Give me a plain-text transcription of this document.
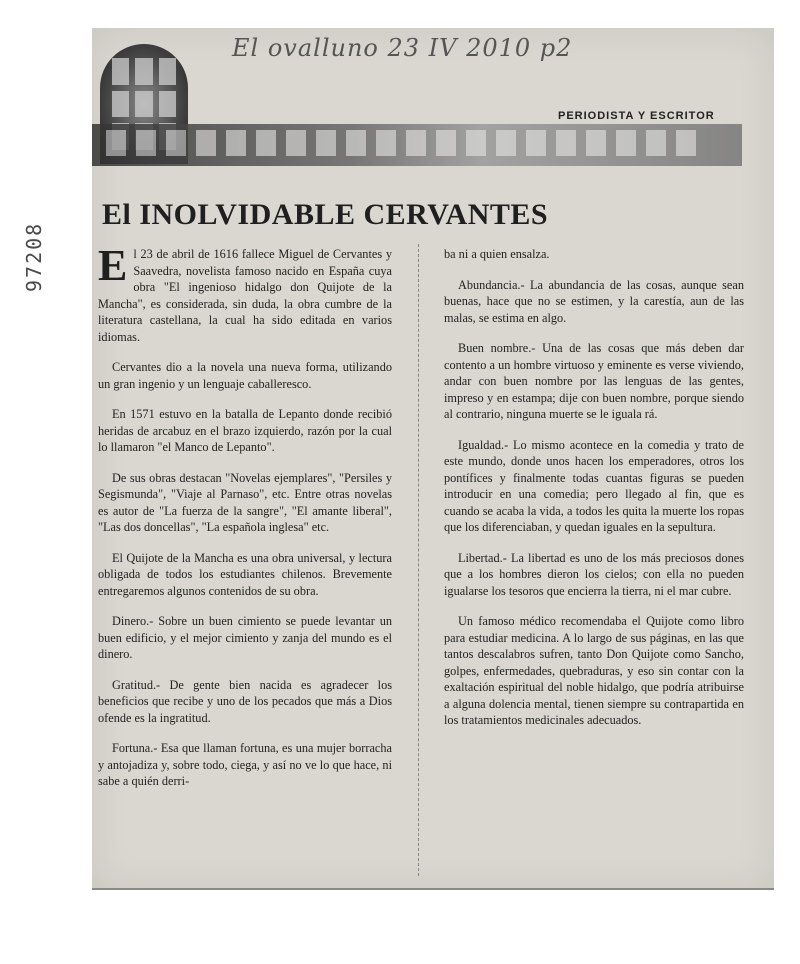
97208
El ovalluno 23 IV 2010 p2
PERIODISTA Y ESCRITOR
El INOLVIDABLE CERVANTES

El 23 de abril de 1616 fallece Miguel de Cervantes y Saavedra, novelista famoso nacido en España cuya obra "El ingenioso hidalgo don Quijote de la Mancha", es considerada, sin duda, la obra cumbre de la literatura castellana, la cual ha sido editada en varios idiomas.

Cervantes dio a la novela una nueva forma, utilizando un gran ingenio y un lenguaje caballeresco.

En 1571 estuvo en la batalla de Lepanto donde recibió heridas de arcabuz en el brazo izquierdo, razón por la cual lo llamaron "el Manco de Lepanto".

De sus obras destacan "Novelas ejemplares", "Persiles y Segismunda", "Viaje al Parnaso", etc. Entre otras novelas es autor de "La fuerza de la sangre", "El amante liberal", "Las dos doncellas", "La española inglesa" etc.

El Quijote de la Mancha es una obra universal, y lectura obligada de todos los estudiantes chilenos. Brevemente entregaremos algunos contenidos de su obra.

Dinero.- Sobre un buen cimiento se puede levantar un buen edificio, y el mejor cimiento y zanja del mundo es el dinero.

Gratitud.- De gente bien nacida es agradecer los beneficios que recibe y uno de los pecados que más a Dios ofende es la ingratitud.

Fortuna.- Esa que llaman fortuna, es una mujer borracha y antojadiza y, sobre todo, ciega, y así no ve lo que hace, ni sabe a quién derri-

ba ni a quien ensalza.

Abundancia.- La abundancia de las cosas, aunque sean buenas, hace que no se estimen, y la carestía, aun de las malas, se estima en algo.

Buen nombre.- Una de las cosas que más deben dar contento a un hombre virtuoso y eminente es verse viviendo, andar con buen nombre por las lenguas de las gentes, impreso y en estampa; dije con buen nombre, porque siendo al contrario, ninguna muerte se le iguala rá.

Igualdad.- Lo mismo acontece en la comedia y trato de este mundo, donde unos hacen los emperadores, otros los pontífices y finalmente todas cuantas figuras se pueden introducir en una comedia; pero llegado al fin, que es cuando se acaba la vida, a todos les quita la muerte los ropas que los diferenciaban, y quedan iguales en la sepultura.

Libertad.- La libertad es uno de los más preciosos dones que a los hombres dieron los cielos; con ella no pueden igualarse los tesoros que encierra la tierra, ni el mar cubre.

Un famoso médico recomendaba el Quijote como libro para estudiar medicina. A lo largo de sus páginas, en las que tantos descalabros sufren, tanto Don Quijote como Sancho, golpes, enfermedades, quebraduras, y eso sin contar con la exaltación espiritual del noble hidalgo, que podría atribuirse a alguna dolencia mental, tienen siempre su contrapartida en los tratamientos medicinales adecuados.
